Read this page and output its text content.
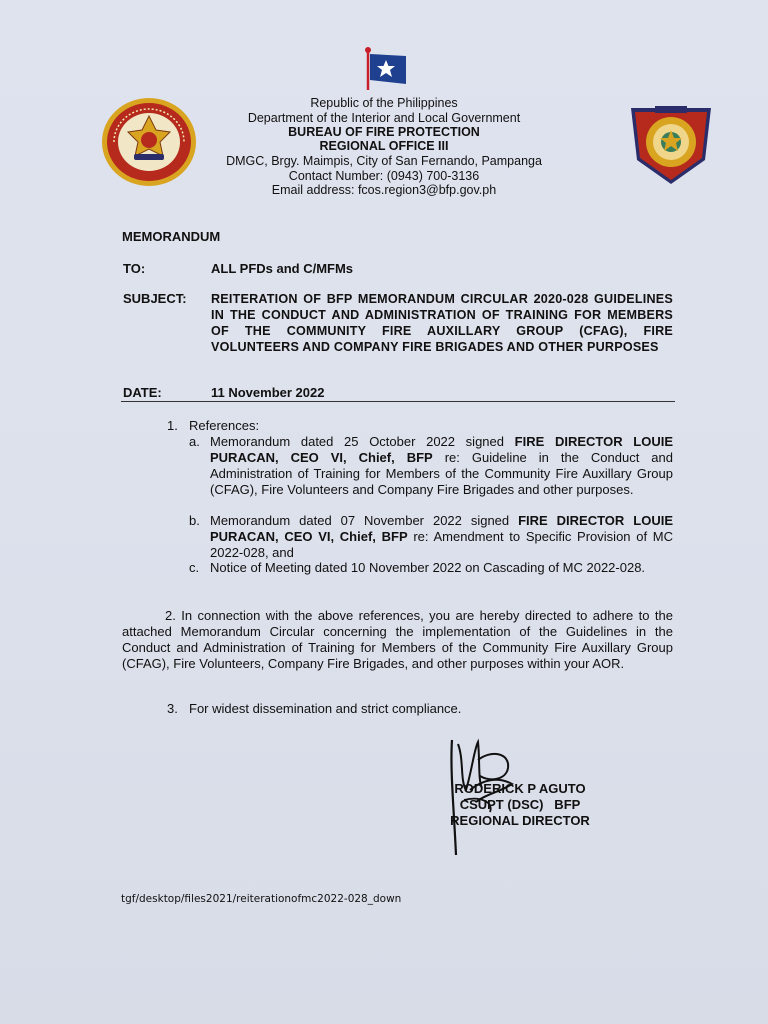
Republic of the Philippines
Department of the Interior and Local Government
BUREAU OF FIRE PROTECTION
REGIONAL OFFICE III
DMGC, Brgy. Maimpis, City of San Fernando, Pampanga
Contact Number: (0943) 700-3136
Email address: fcos.region3@bfp.gov.ph
MEMORANDUM
TO:	ALL PFDs and C/MFMs
SUBJECT: REITERATION OF BFP MEMORANDUM CIRCULAR 2020-028 GUIDELINES IN THE CONDUCT AND ADMINISTRATION OF TRAINING FOR MEMBERS OF THE COMMUNITY FIRE AUXILLARY GROUP (CFAG), FIRE VOLUNTEERS AND COMPANY FIRE BRIGADES AND OTHER PURPOSES
DATE:	11 November 2022
1. References:
a. Memorandum dated 25 October 2022 signed FIRE DIRECTOR LOUIE PURACAN, CEO VI, Chief, BFP re: Guideline in the Conduct and Administration of Training for Members of the Community Fire Auxillary Group (CFAG), Fire Volunteers and Company Fire Brigades and other purposes.
b. Memorandum dated 07 November 2022 signed FIRE DIRECTOR LOUIE PURACAN, CEO VI, Chief, BFP re: Amendment to Specific Provision of MC 2022-028, and
c. Notice of Meeting dated 10 November 2022 on Cascading of MC 2022-028.
2. In connection with the above references, you are hereby directed to adhere to the attached Memorandum Circular concerning the implementation of the Guidelines in the Conduct and Administration of Training for Members of the Community Fire Auxillary Group (CFAG), Fire Volunteers, Company Fire Brigades, and other purposes within your AOR.
3. For widest dissemination and strict compliance.
RODERICK P AGUTO
CSUPT (DSC)   BFP
REGIONAL DIRECTOR
tgf/desktop/files2021/reiterationofmc2022-028_down
